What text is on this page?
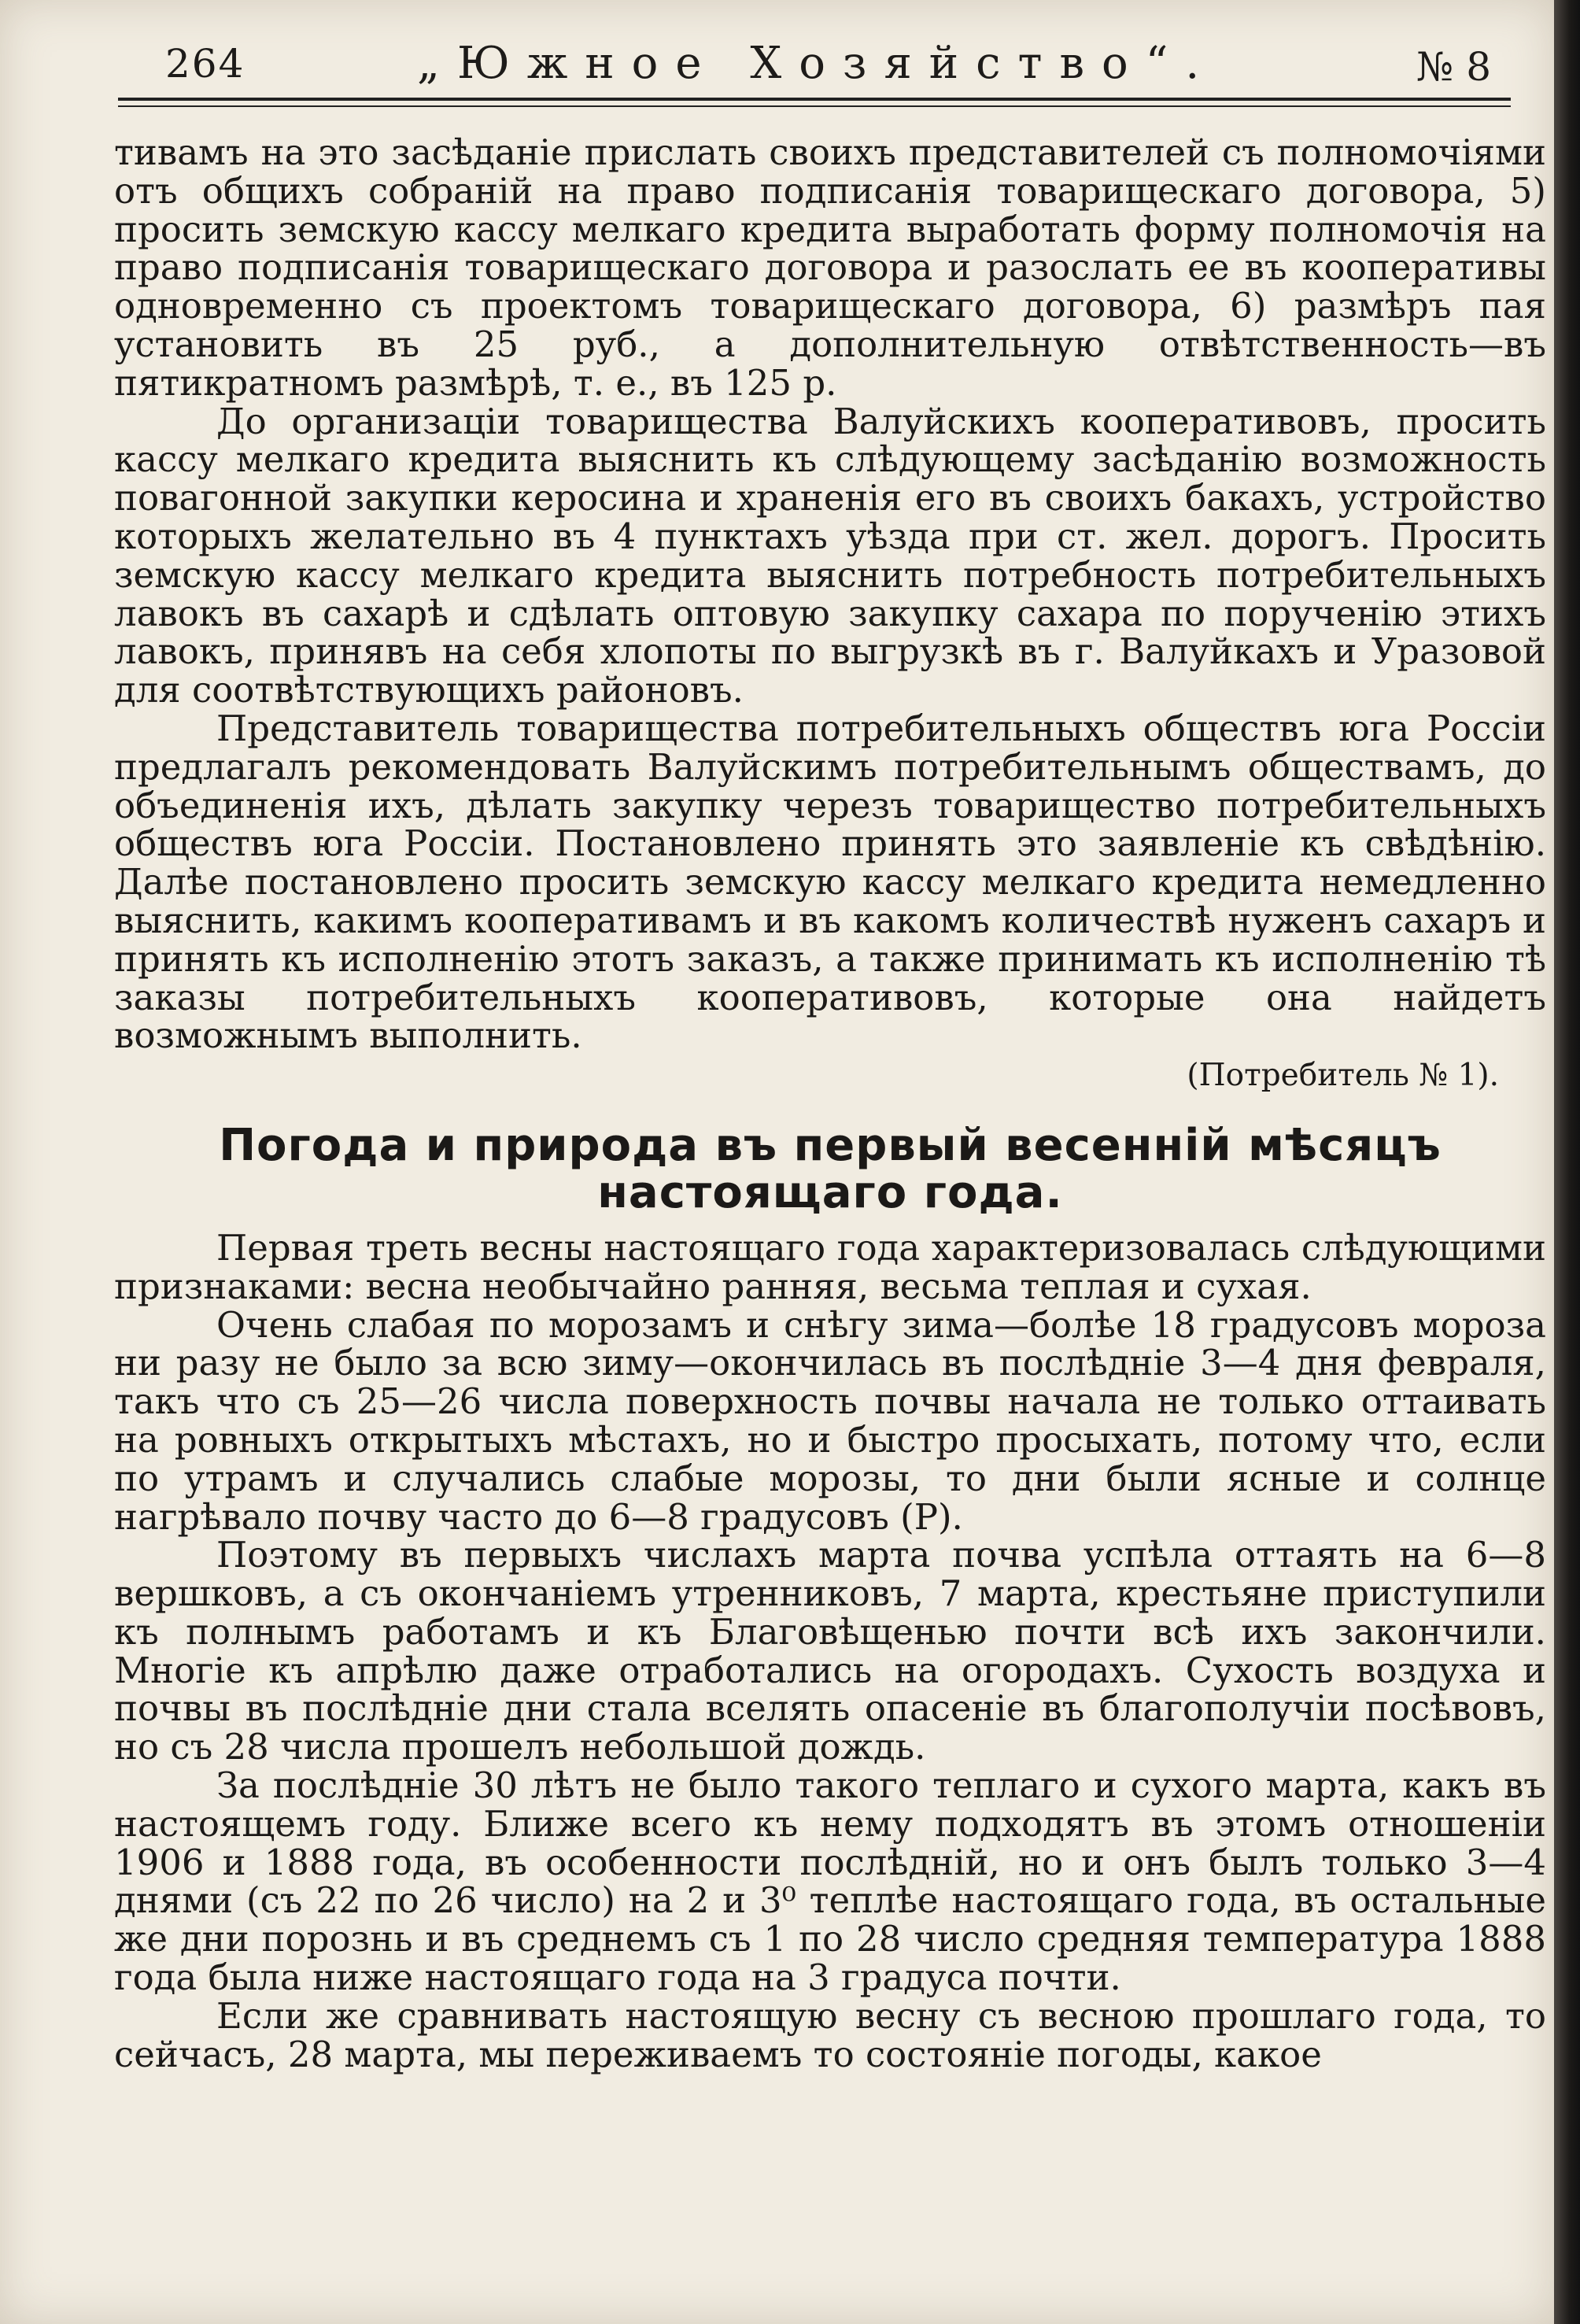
264	„Южное Хозяйство“.	№ 8

тивамъ на это засѣданіе прислать своихъ представителей съ полномочіями отъ общихъ собраній на право подписанія товарищескаго договора, 5) просить земскую кассу мелкаго кредита выработать форму полномочія на право подписанія товарищескаго договора и разослать ее въ кооперативы одновременно съ проектомъ товарищескаго договора, 6) размѣръ пая установить въ 25 руб., а дополнительную отвѣтственность—въ пятикратномъ размѣрѣ, т. е., въ 125 р.

До организаціи товарищества Валуйскихъ кооперативовъ, просить кассу мелкаго кредита выяснить къ слѣдующему засѣданію возможность повагонной закупки керосина и храненія его въ своихъ бакахъ, устройство которыхъ желательно въ 4 пунктахъ уѣзда при ст. жел. дорогъ. Просить земскую кассу мелкаго кредита выяснить потребность потребительныхъ лавокъ въ сахарѣ и сдѣлать оптовую закупку сахара по порученію этихъ лавокъ, принявъ на себя хлопоты по выгрузкѣ въ г. Валуйкахъ и Уразовой для соотвѣтствующихъ районовъ.

Представитель товарищества потребительныхъ обществъ юга Россіи предлагалъ рекомендовать Валуйскимъ потребительнымъ обществамъ, до объединенія ихъ, дѣлать закупку черезъ товарищество потребительныхъ обществъ юга Россіи. Постановлено принять это заявленіе къ свѣдѣнію. Далѣе постановлено просить земскую кассу мелкаго кредита немедленно выяснить, какимъ кооперативамъ и въ какомъ количествѣ нуженъ сахаръ и принять къ исполненію этотъ заказъ, а также принимать къ исполненію тѣ заказы потребительныхъ кооперативовъ, которые она найдетъ возможнымъ выполнить.

(Потребитель № 1).

Погода и природа въ первый весенній мѣсяцъ настоящаго года.

Первая треть весны настоящаго года характеризовалась слѣдующими признаками: весна необычайно ранняя, весьма теплая и сухая.

Очень слабая по морозамъ и снѣгу зима—болѣе 18 градусовъ мороза ни разу не было за всю зиму—окончилась въ послѣдніе 3—4 дня февраля, такъ что съ 25—26 числа поверхность почвы начала не только оттаивать на ровныхъ открытыхъ мѣстахъ, но и быстро просыхать, потому что, если по утрамъ и случались слабые морозы, то дни были ясные и солнце нагрѣвало почву часто до 6—8 градусовъ (Р).

Поэтому въ первыхъ числахъ марта почва успѣла оттаять на 6—8 вершковъ, а съ окончаніемъ утренниковъ, 7 марта, крестьяне приступили къ полнымъ работамъ и къ Благовѣщенью почти всѣ ихъ закончили. Многіе къ апрѣлю даже отработались на огородахъ. Сухость воздуха и почвы въ послѣдніе дни стала вселять опасеніе въ благополучіи посѣвовъ, но съ 28 числа прошелъ небольшой дождь.

За послѣдніе 30 лѣтъ не было такого теплаго и сухого марта, какъ въ настоящемъ году. Ближе всего къ нему подходятъ въ этомъ отношеніи 1906 и 1888 года, въ особенности послѣдній, но и онъ былъ только 3—4 днями (съ 22 по 26 число) на 2 и 3⁰ теплѣе настоящаго года, въ остальные же дни порознь и въ среднемъ съ 1 по 28 число средняя температура 1888 года была ниже настоящаго года на 3 градуса почти.

Если же сравнивать настоящую весну съ весною прошлаго года, то сейчасъ, 28 марта, мы переживаемъ то состояніе погоды, какое
